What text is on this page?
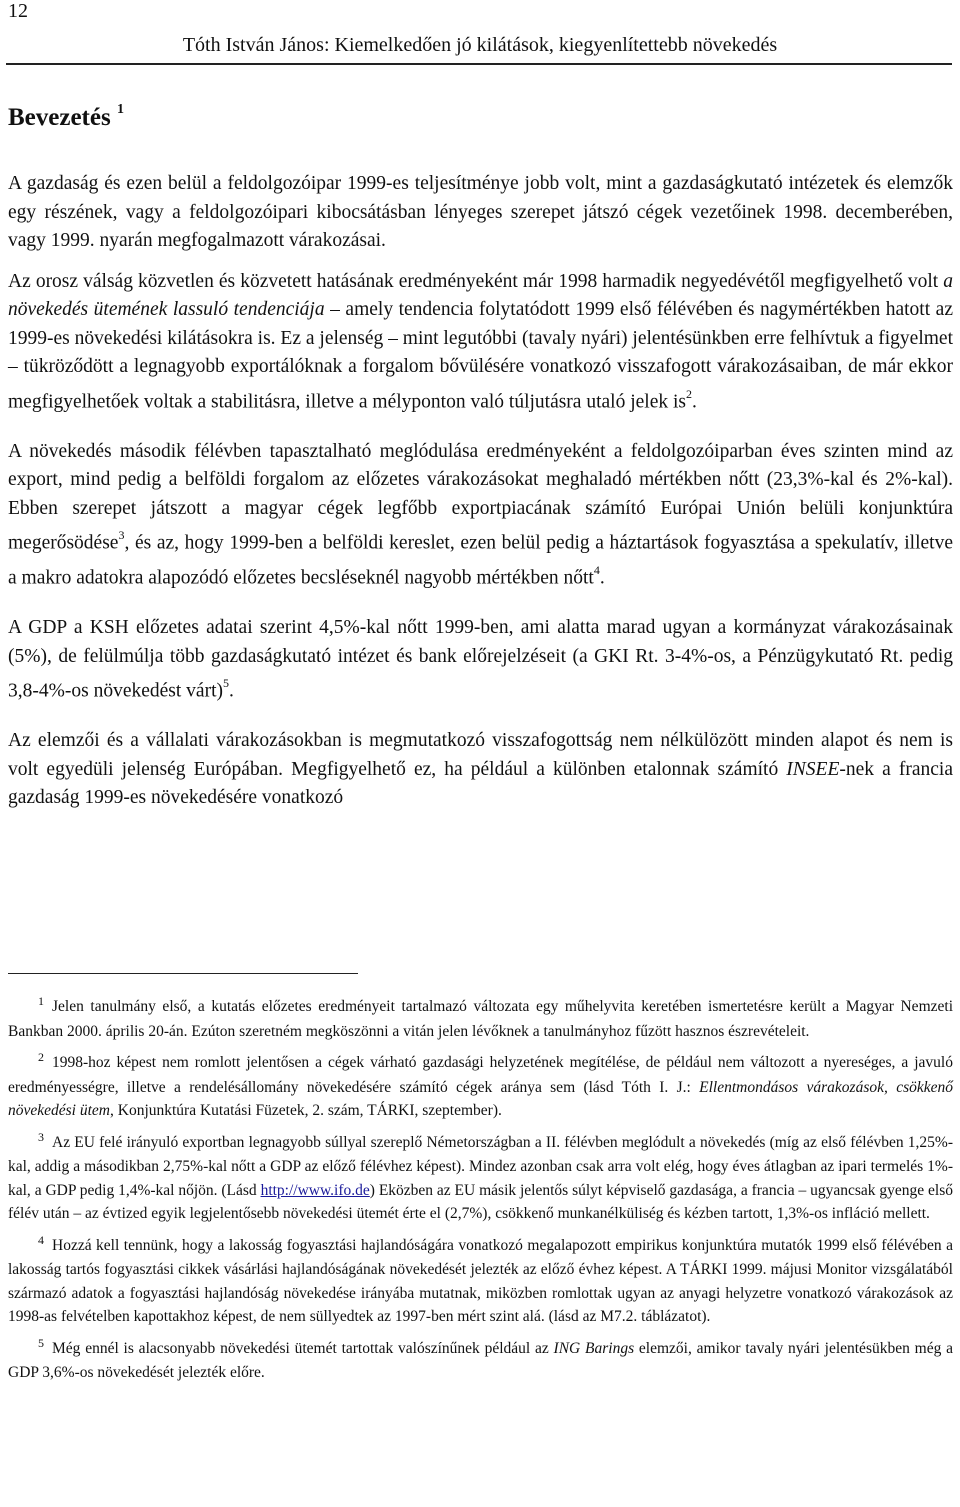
12
Tóth István János: Kiemelkedően jó kilátások, kiegyenlítettebb növekedés
Bevezetés $^1$

A gazdaság és ezen belül a feldolgozóipar 1999-es teljesítménye jobb volt, mint a gazdaságkutató intézetek és elemzők egy részének, vagy a feldolgozóipari kibocsátásban lényeges szerepet játszó cégek vezetőinek 1998. decemberében, vagy 1999. nyarán megfogalmazott várakozásai.

Az orosz válság közvetlen és közvetett hatásának eredményeként már 1998 harmadik negyedévétől megfigyelhető volt a növekedés ütemének lassuló tendenciája – amely tendencia folytatódott 1999 első félévében és nagymértékben hatott az 1999-es növekedési kilátásokra is. Ez a jelenség – mint legutóbbi (tavaly nyári) jelentésünkben erre felhívtuk a figyelmet – tükröződött a legnagyobb exportálóknak a forgalom bővülésére vonatkozó visszafogott várakozásaiban, de már ekkor megfigyelhetőek voltak a stabilitásra, illetve a mélyponton való túljutásra utaló jelek is$^2$.

A növekedés második félévben tapasztalható meglódulása eredményeként a feldolgozóiparban éves szinten mind az export, mind pedig a belföldi forgalom az előzetes várakozásokat meghaladó mértékben nőtt (23,3%-kal és 2%-kal). Ebben szerepet játszott a magyar cégek legfőbb exportpiacának számító Európai Unión belüli konjunktúra megerősödése$^3$, és az, hogy 1999-ben a belföldi kereslet, ezen belül pedig a háztartások fogyasztása a spekulatív, illetve a makro adatokra alapozódó előzetes becsléseknél nagyobb mértékben nőtt$^4$.

A GDP a KSH előzetes adatai szerint 4,5%-kal nőtt 1999-ben, ami alatta marad ugyan a kormányzat várakozásainak (5%), de felülmúlja több gazdaságkutató intézet és bank előrejelzéseit (a GKI Rt. 3-4%-os, a Pénzügykutató Rt. pedig 3,8-4%-os növekedést várt)$^5$.

Az elemzői és a vállalati várakozásokban is megmutatkozó visszafogottság nem nélkülözött minden alapot és nem is volt egyedüli jelenség Európában. Megfigyelhető ez, ha például a különben etalonnak számító INSEE-nek a francia gazdaság 1999-es növekedésére vonatkozó

$^1$ Jelen tanulmány első, a kutatás előzetes eredményeit tartalmazó változata egy műhelyvita keretében ismertetésre került a Magyar Nemzeti Bankban 2000. április 20-án. Ezúton szeretném megköszönni a vitán jelen lévőknek a tanulmányhoz fűzött hasznos észrevételeit.

$^2$ 1998-hoz képest nem romlott jelentősen a cégek várható gazdasági helyzetének megítélése, de például nem változott a nyereséges, a javuló eredményességre, illetve a rendelésállomány növekedésére számító cégek aránya sem (lásd Tóth I. J.: Ellentmondásos várakozások, csökkenő növekedési ütem, Konjunktúra Kutatási Füzetek, 2. szám, TÁRKI, szeptember).

$^3$ Az EU felé irányuló exportban legnagyobb súllyal szereplő Németországban a II. félévben meglódult a növekedés (míg az első félévben 1,25%-kal, addig a másodikban 2,75%-kal nőtt a GDP az előző félévhez képest). Mindez azonban csak arra volt elég, hogy éves átlagban az ipari termelés 1%-kal, a GDP pedig 1,4%-kal nőjön. (Lásd http://www.ifo.de) Eközben az EU másik jelentős súlyt képviselő gazdasága, a francia – ugyancsak gyenge első félév után – az évtized egyik legjelentősebb növekedési ütemét érte el (2,7%), csökkenő munkanélküliség és kézben tartott, 1,3%-os infláció mellett.

$^4$ Hozzá kell tennünk, hogy a lakosság fogyasztási hajlandóságára vonatkozó megalapozott empirikus konjunktúra mutatók 1999 első félévében a lakosság tartós fogyasztási cikkek vásárlási hajlandóságának növekedését jelezték az előző évhez képest. A TÁRKI 1999. májusi Monitor vizsgálatából származó adatok a fogyasztási hajlandóság növekedése irányába mutatnak, miközben romlottak ugyan az anyagi helyzetre vonatkozó várakozások az 1998-as felvételben kapottakhoz képest, de nem süllyedtek az 1997-ben mért szint alá. (lásd az M7.2. táblázatot).

$^5$ Még ennél is alacsonyabb növekedési ütemét tartottak valószínűnek például az ING Barings elemzői, amikor tavaly nyári jelentésükben még a GDP 3,6%-os növekedését jelezték előre.
